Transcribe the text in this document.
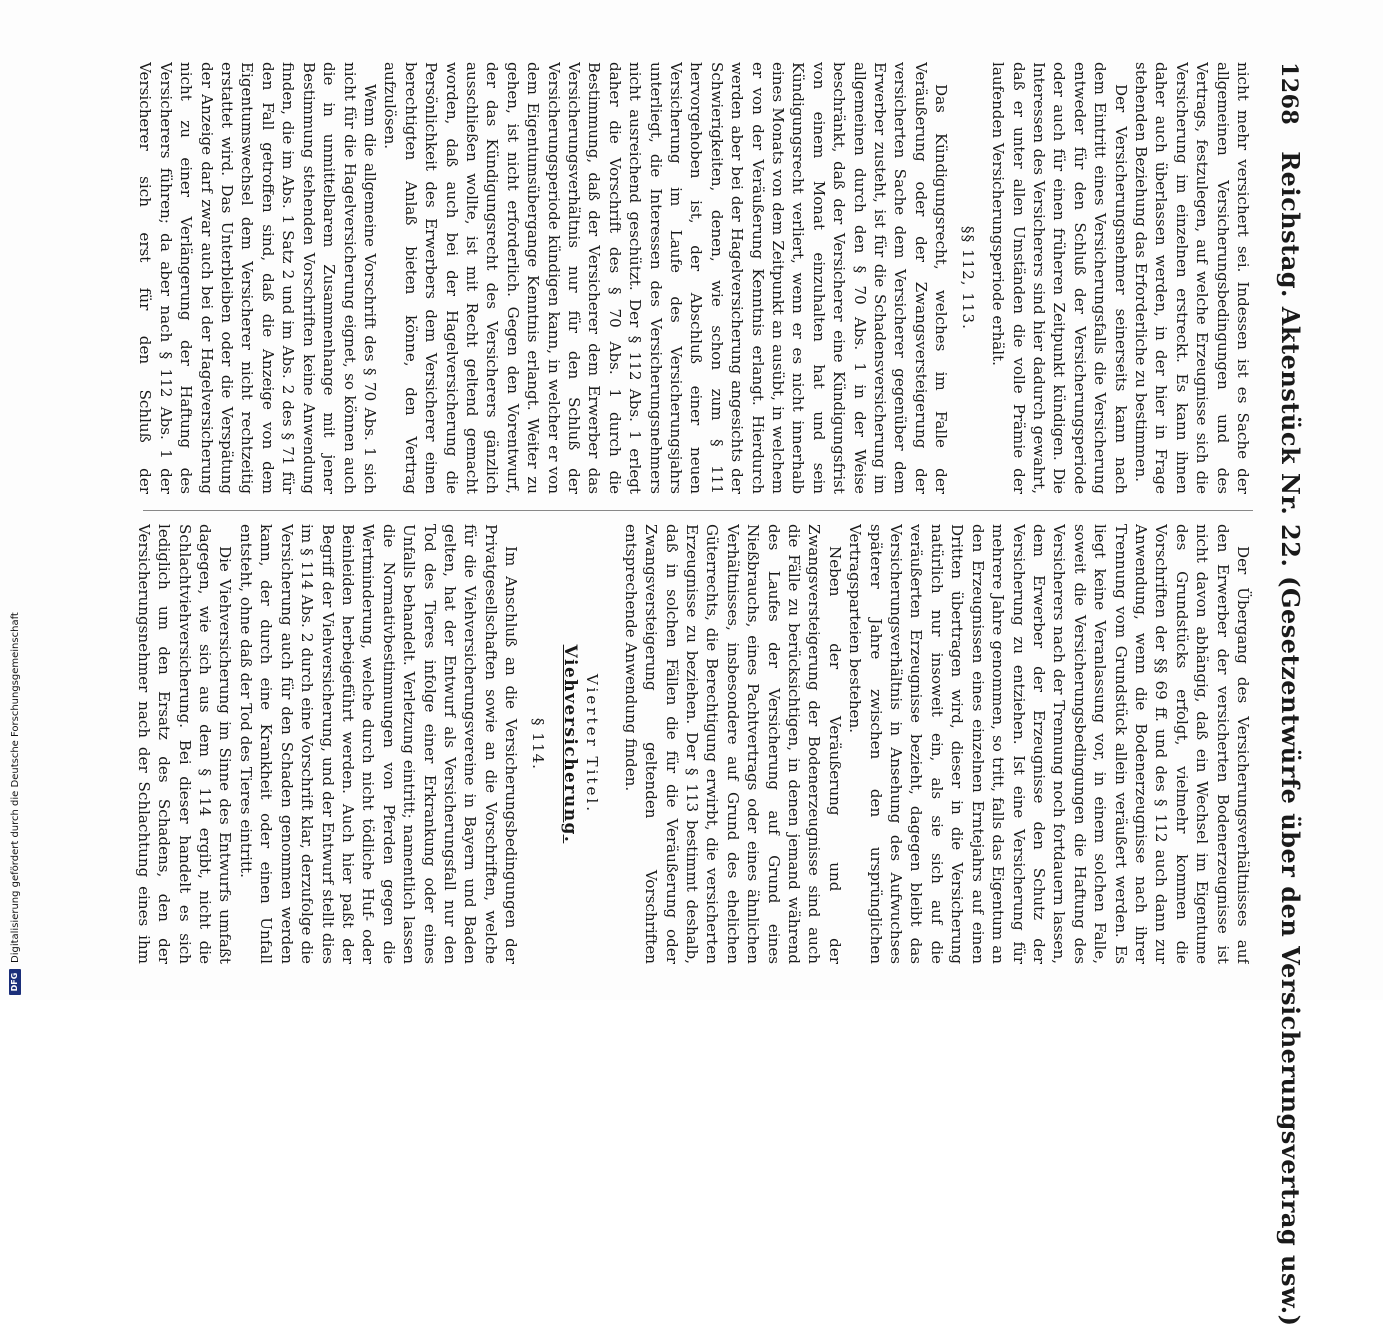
1268
Reichstag. Aktenstück Nr. 22. (Gesetzentwürfe über den Versicherungsvertrag usw.)

nicht mehr versichert sei. Indessen ist es Sache der allgemeinen Versicherungsbedingungen und des Vertrags, festzulegen, auf welche Erzeugnisse sich die Versicherung im einzelnen erstreckt. Es kann ihnen daher auch überlassen werden, in der hier in Frage stehenden Beziehung das Erforderliche zu bestimmen.

Der Versicherungsnehmer seinerseits kann nach dem Eintritt eines Versicherungsfalls die Versicherung entweder für den Schluß der Versicherungsperiode oder auch für einen früheren Zeitpunkt kündigen. Die Interessen des Versicherers sind hier dadurch gewahrt, daß er unter allen Umständen die volle Prämie der laufenden Versicherungsperiode erhält.

§§ 112, 113.

Das Kündigungsrecht, welches im Falle der Veräußerung oder der Zwangsversteigerung der versicherten Sache dem Versicherer gegenüber dem Erwerber zusteht, ist für die Schadensversicherung im allgemeinen durch den § 70 Abs. 1 in der Weise beschränkt, daß der Versicherer eine Kündigungsfrist von einem Monat einzuhalten hat und sein Kündigungsrecht verliert, wenn er es nicht innerhalb eines Monats von dem Zeitpunkt an ausübt, in welchem er von der Veräußerung Kenntnis erlangt. Hierdurch werden aber bei der Hagelversicherung angesichts der Schwierigkeiten, denen, wie schon zum § 111 hervorgehoben ist, der Abschluß einer neuen Versicherung im Laufe des Versicherungsjahrs unterliegt, die Interessen des Versicherungsnehmers nicht ausreichend geschützt. Der § 112 Abs. 1 erlegt daher die Vorschrift des § 70 Abs. 1 durch die Bestimmung, daß der Versicherer dem Erwerber das Versicherungsverhältnis nur für den Schluß der Versicherungsperiode kündigen kann, in welcher er von dem Eigentumsübergange Kenntnis erlangt. Weiter zu gehen, ist nicht erforderlich. Gegen den Vorentwurf, der das Kündigungsrecht des Versicherers gänzlich ausschließen wollte, ist mit Recht geltend gemacht worden, daß auch bei der Hagelversicherung die Persönlichkeit des Erwerbers dem Versicherer einen berechtigten Anlaß bieten könne, den Vertrag aufzulösen.

Wenn die allgemeine Vorschrift des § 70 Abs. 1 sich nicht für die Hagelversicherung eignet, so können auch die in unmittelbarem Zusammenhange mit jener Bestimmung stehenden Vorschriften keine Anwendung finden, die im Abs. 1 Satz 2 und im Abs. 2 des § 71 für den Fall getroffen sind, daß die Anzeige von dem Eigentumswechsel dem Versicherer nicht rechtzeitig erstattet wird. Das Unterbleiben oder die Verspätung der Anzeige darf zwar auch bei der Hagelversicherung nicht zu einer Verlängerung der Haftung des Versicherers führen; da aber nach § 112 Abs. 1 der Versicherer sich erst für den Schluß der

Der Übergang des Versicherungsverhältnisses auf den Erwerber der versicherten Bodenerzeugnisse ist nicht davon abhängig, daß ein Wechsel im Eigentume des Grundstücks erfolgt, vielmehr kommen die Vorschriften der §§ 69 ff. und des § 112 auch dann zur Anwendung, wenn die Bodenerzeugnisse nach ihrer Trennung vom Grundstück allein veräußert werden. Es liegt keine Veranlassung vor, in einem solchen Falle, soweit die Versicherungsbedingungen die Haftung des Versicherers nach der Trennung noch fortdauern lassen, dem Erwerber der Erzeugnisse den Schutz der Versicherung zu entziehen. Ist eine Versicherung für mehrere Jahre genommen, so tritt, falls das Eigentum an den Erzeugnissen eines einzelnen Erntejahrs auf einen Dritten übertragen wird, dieser in die Versicherung natürlich nur insoweit ein, als sie sich auf die veräußerten Erzeugnisse bezieht, dagegen bleibt das Versicherungsverhältnis in Ansehung des Aufwuchses späterer Jahre zwischen den ursprünglichen Vertragsparteien bestehen.

Neben der Veräußerung und der Zwangsversteigerung der Bodenerzeugnisse sind auch die Fälle zu berücksichtigen, in denen jemand während des Laufes der Versicherung auf Grund eines Nießbrauchs, eines Pachtvertrags oder eines ähnlichen Verhältnisses, insbesondere auf Grund des ehelichen Güterrechts, die Berechtigung erwirbt, die versicherten Erzeugnisse zu beziehen. Der § 113 bestimmt deshalb, daß in solchen Fällen die für die Veräußerung oder Zwangsversteigerung geltenden Vorschriften entsprechende Anwendung finden.

Vierter Titel.

Viehversicherung.

§ 114.

Im Anschluß an die Versicherungsbedingungen der Privatgesellschaften sowie an die Vorschriften, welche für die Viehversicherungsvereine in Bayern und Baden gelten, hat der Entwurf als Versicherungsfall nur den Tod des Tieres infolge einer Erkrankung oder eines Unfalls behandelt. Verletzung eintritt; namentlich lassen die Normativbestimmungen von Pferden gegen die Wertminderung, welche durch nicht tödliche Huf- oder Beinleiden herbeigeführt werden. Auch hier paßt der Begriff der Viehversicherung, und der Entwurf stellt dies im § 114 Abs. 2 durch eine Vorschrift klar, derzufolge die Versicherung auch für den Schaden genommen werden kann, der durch eine Krankheit oder einen Unfall entsteht, ohne daß der Tod des Tieres eintritt.

Die Viehversicherung im Sinne des Entwurfs umfaßt dagegen, wie sich aus dem § 114 ergibt, nicht die Schlachtviehversicherung. Bei dieser handelt es sich lediglich um den Ersatz des Schadens, den der Versicherungsnehmer nach der Schlachtung eines ihm

DFG
Digitalisierung gefördert durch die Deutsche Forschungsgemeinschaft
